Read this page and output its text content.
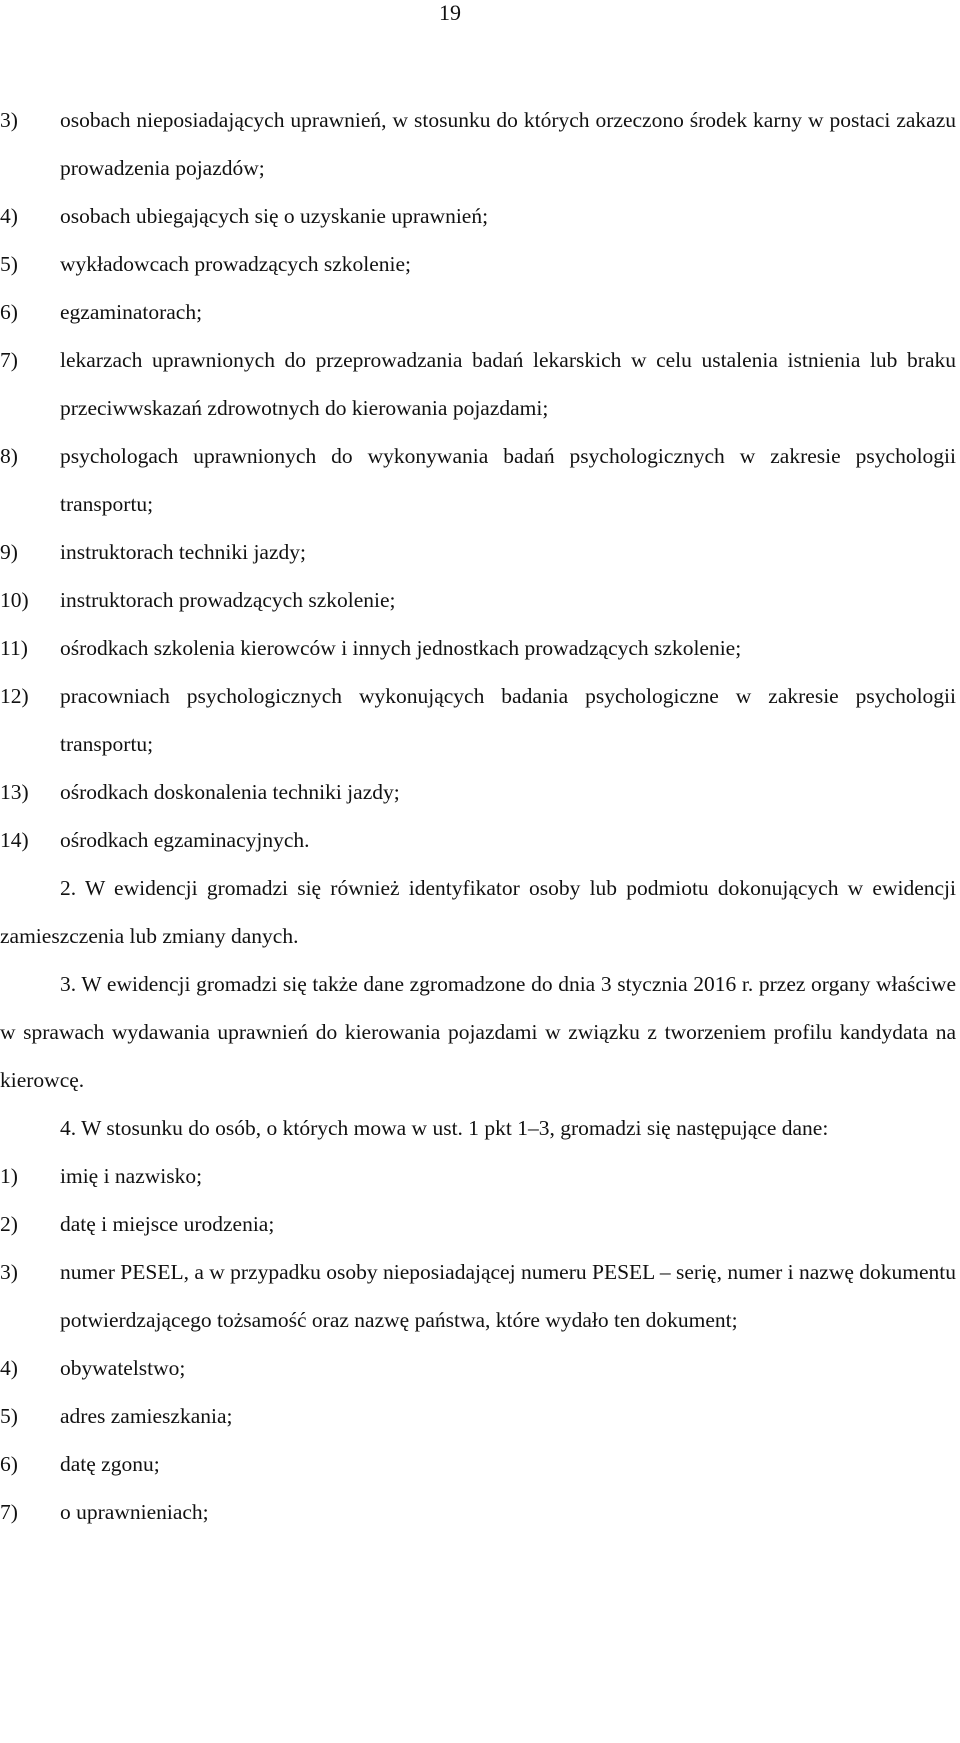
19
3)	osobach nieposiadających uprawnień, w stosunku do których orzeczono środek karny w postaci zakazu prowadzenia pojazdów;
4)	osobach ubiegających się o uzyskanie uprawnień;
5)	wykładowcach prowadzących szkolenie;
6)	egzaminatorach;
7)	lekarzach uprawnionych do przeprowadzania badań lekarskich w celu ustalenia istnienia lub braku przeciwwskazań zdrowotnych do kierowania pojazdami;
8)	psychologach uprawnionych do wykonywania badań psychologicznych w zakresie psychologii transportu;
9)	instruktorach techniki jazdy;
10)	instruktorach prowadzących szkolenie;
11)	ośrodkach szkolenia kierowców i innych jednostkach prowadzących szkolenie;
12)	pracowniach psychologicznych wykonujących badania psychologiczne w zakresie psychologii transportu;
13)	ośrodkach doskonalenia techniki jazdy;
14)	ośrodkach egzaminacyjnych.
2. W ewidencji gromadzi się również identyfikator osoby lub podmiotu dokonujących w ewidencji zamieszczenia lub zmiany danych.
3. W ewidencji gromadzi się także dane zgromadzone do dnia 3 stycznia 2016 r. przez organy właściwe w sprawach wydawania uprawnień do kierowania pojazdami w związku z tworzeniem profilu kandydata na kierowcę.
4. W stosunku do osób, o których mowa w ust. 1 pkt 1–3, gromadzi się następujące dane:
1)	imię i nazwisko;
2)	datę i miejsce urodzenia;
3)	numer PESEL, a w przypadku osoby nieposiadającej numeru PESEL – serię, numer i nazwę dokumentu potwierdzającego tożsamość oraz nazwę państwa, które wydało ten dokument;
4)	obywatelstwo;
5)	adres zamieszkania;
6)	datę zgonu;
7)	o uprawnieniach;
